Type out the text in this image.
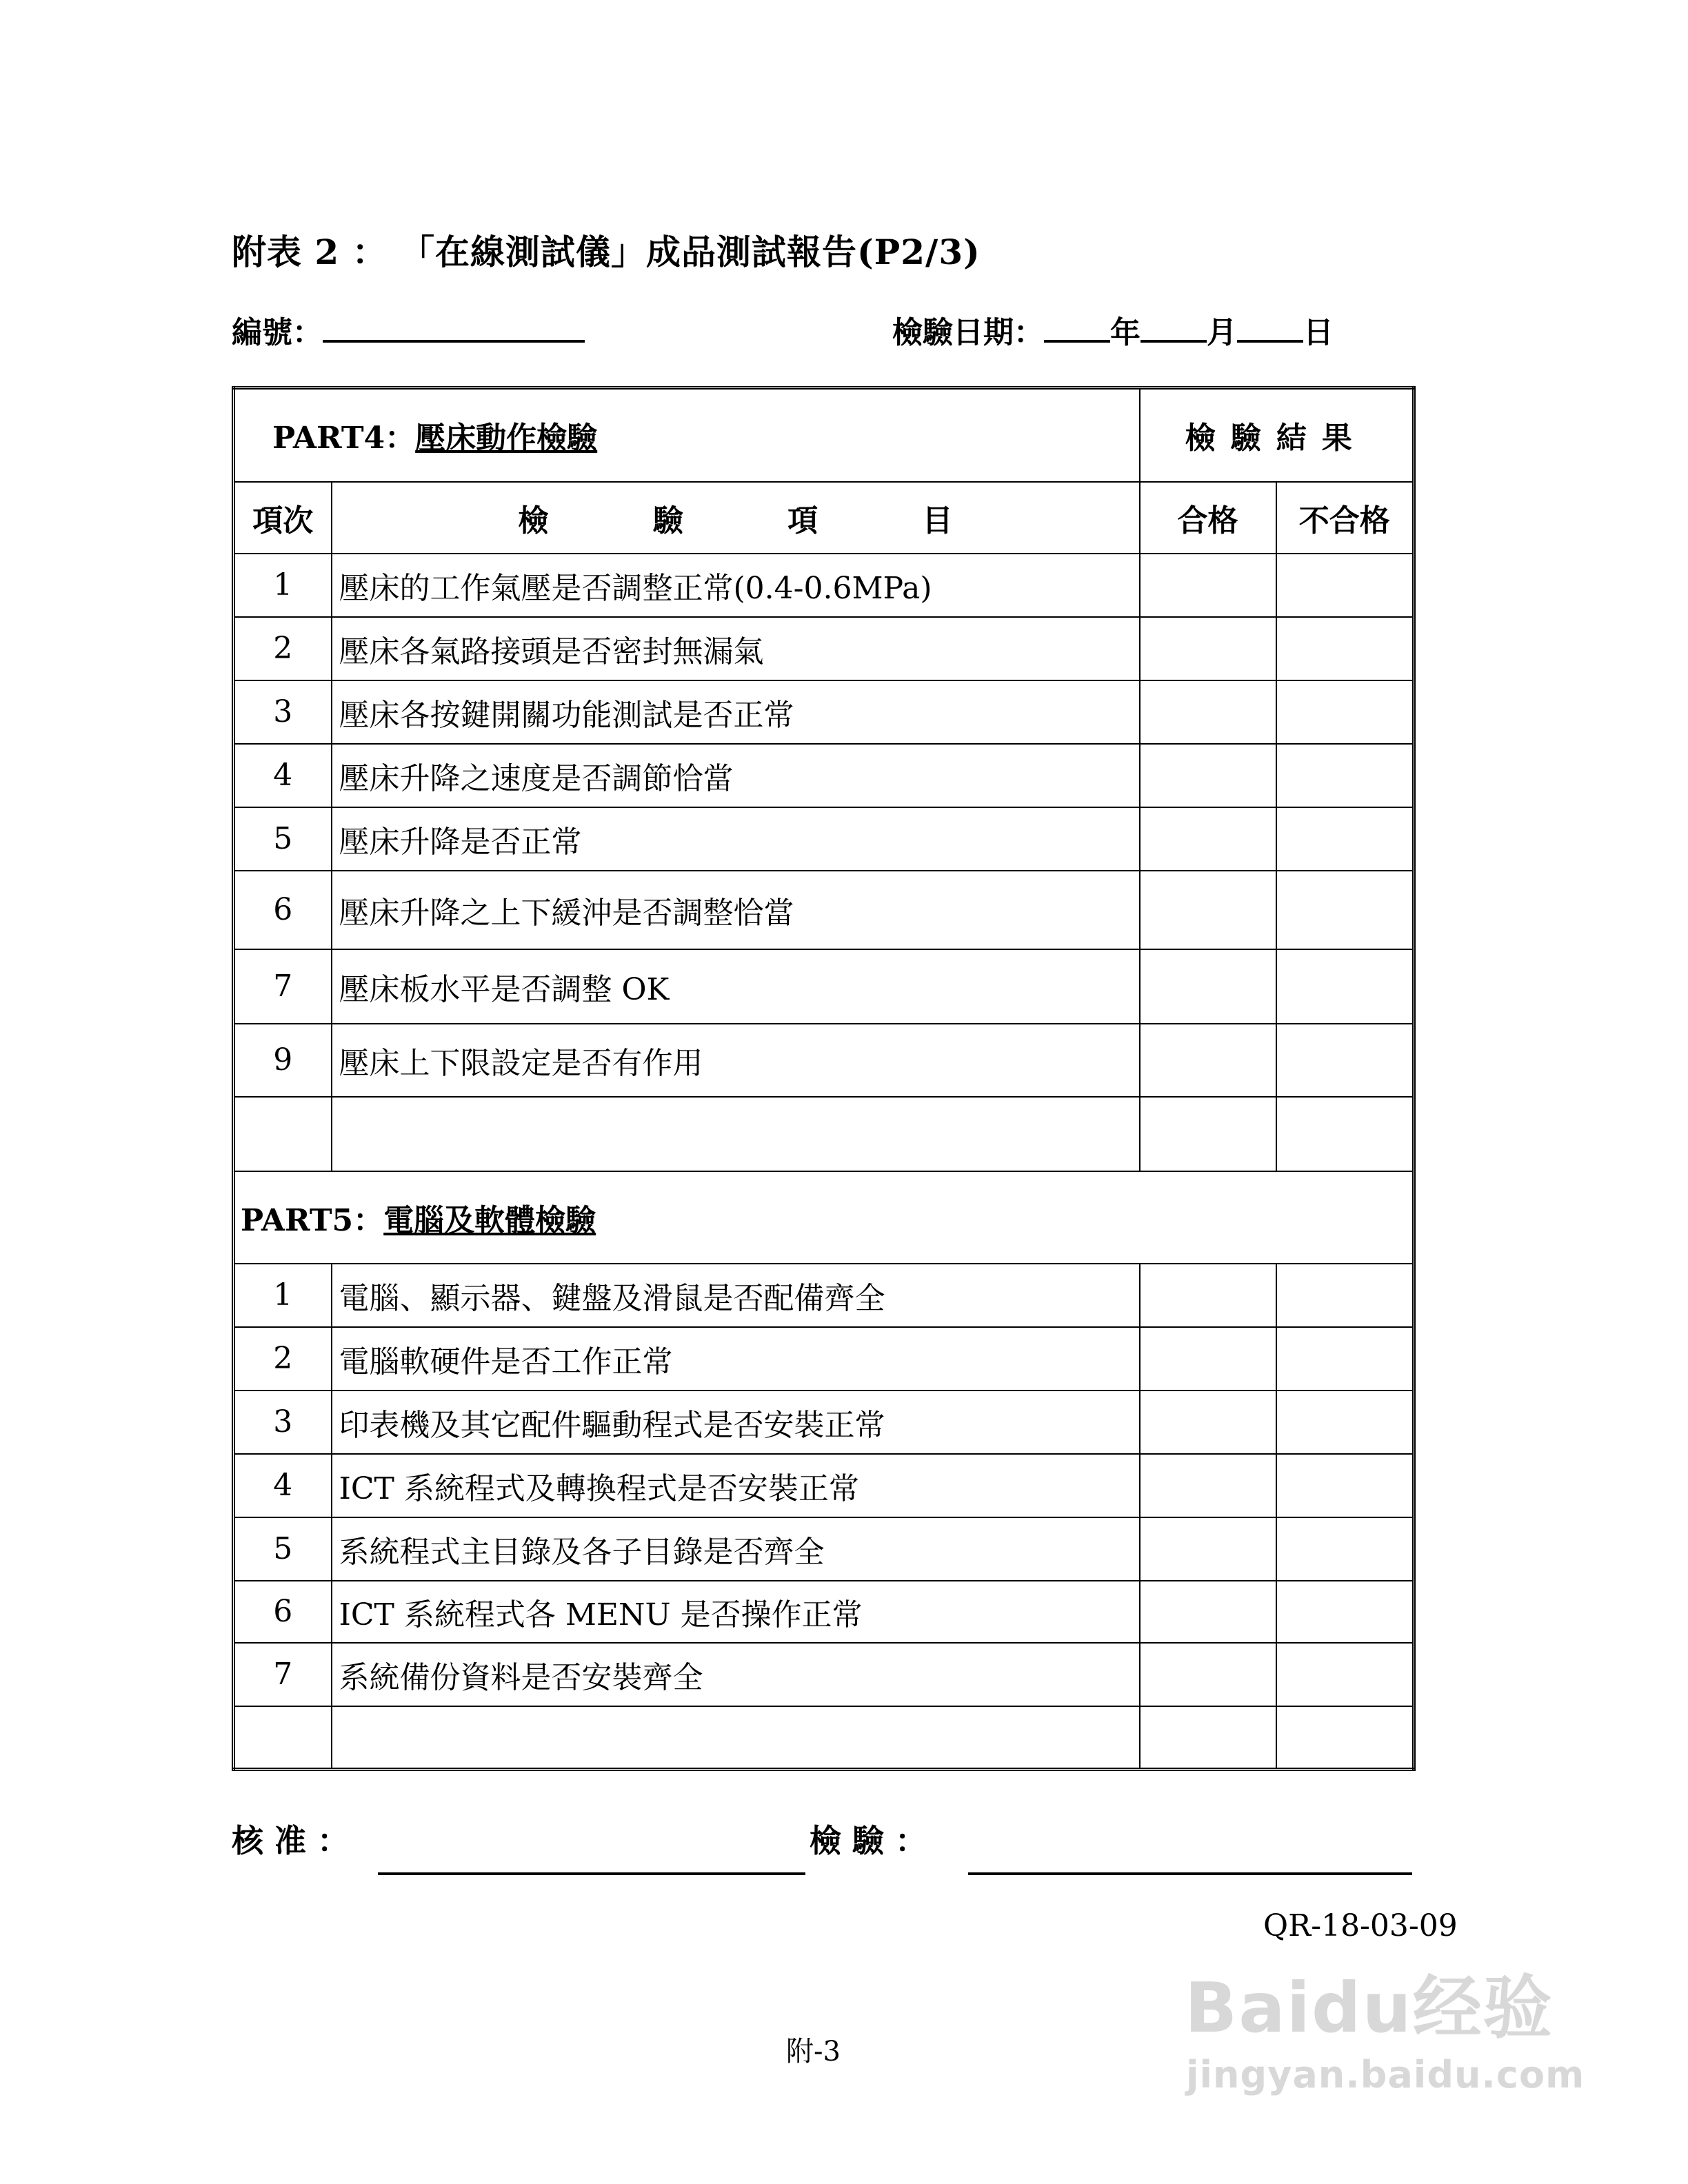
附表 2 ： 「在線測試儀」成品測試報告(P2/3)
編號：	檢驗日期： 年 月 日
PART4：壓床動作檢驗		檢驗結果	
項次	檢 驗 項 目	合格	不合格
1	壓床的工作氣壓是否調整正常(0.4-0.6MPa)		
2	壓床各氣路接頭是否密封無漏氣		
3	壓床各按鍵開關功能測試是否正常		
4	壓床升降之速度是否調節恰當		
5	壓床升降是否正常		
6	壓床升降之上下緩沖是否調整恰當		
7	壓床板水平是否調整 OK		
9	壓床上下限設定是否有作用		

PART5：電腦及軟體檢驗			
1	電腦、顯示器、鍵盤及滑鼠是否配備齊全		
2	電腦軟硬件是否工作正常		
3	印表機及其它配件驅動程式是否安裝正常		
4	ICT 系統程式及轉換程式是否安裝正常		
5	系統程式主目錄及各子目錄是否齊全		
6	ICT 系統程式各 MENU 是否操作正常		
7	系統備份資料是否安裝齊全		

核 准 ：	檢 驗 ：
QR-18-03-09
附-3
Baidu经验
jingyan.baidu.com
